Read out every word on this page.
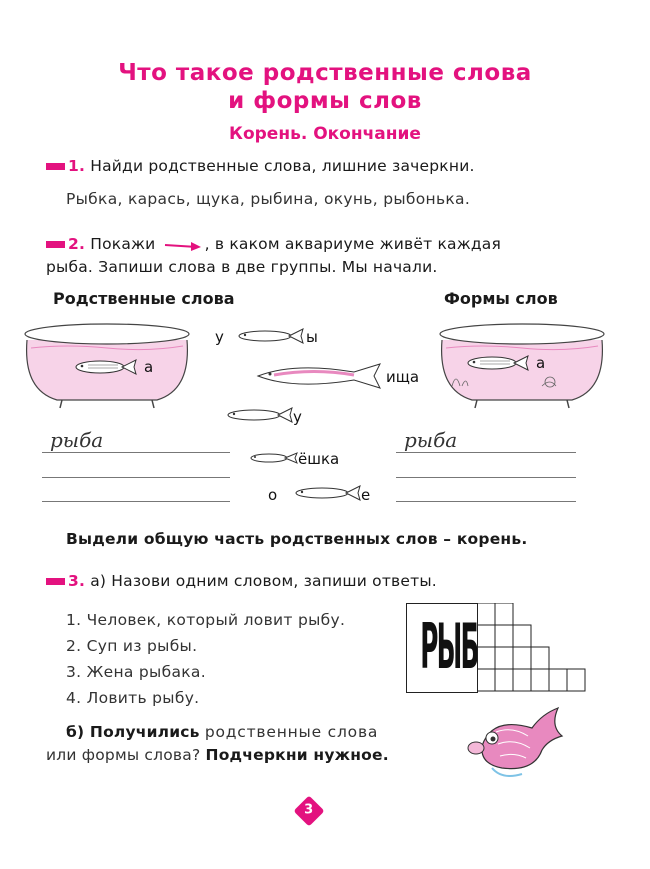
Что такое родственные слова
и формы слов
Корень. Окончание
1. Найди родственные слова, лишние зачеркни.
Рыбка, карась, щука, рыбина, окунь, рыбонька.
2. Покажи	, в каком аквариуме живёт каждая
рыба. Запиши слова в две группы. Мы начали.
Родственные слова	Формы слов
а	а
у	ы
ища
у
ёшка
о	е
рыба	рыба
Выдели общую часть родственных слов – корень.
3. а) Назови одним словом, запиши ответы.
1. Человек, который ловит рыбу.
2. Суп из рыбы.
3. Жена рыбака.
4. Ловить рыбу.
РЫБ
б) Получились родственные слова
или формы слова? Подчеркни нужное.
3
